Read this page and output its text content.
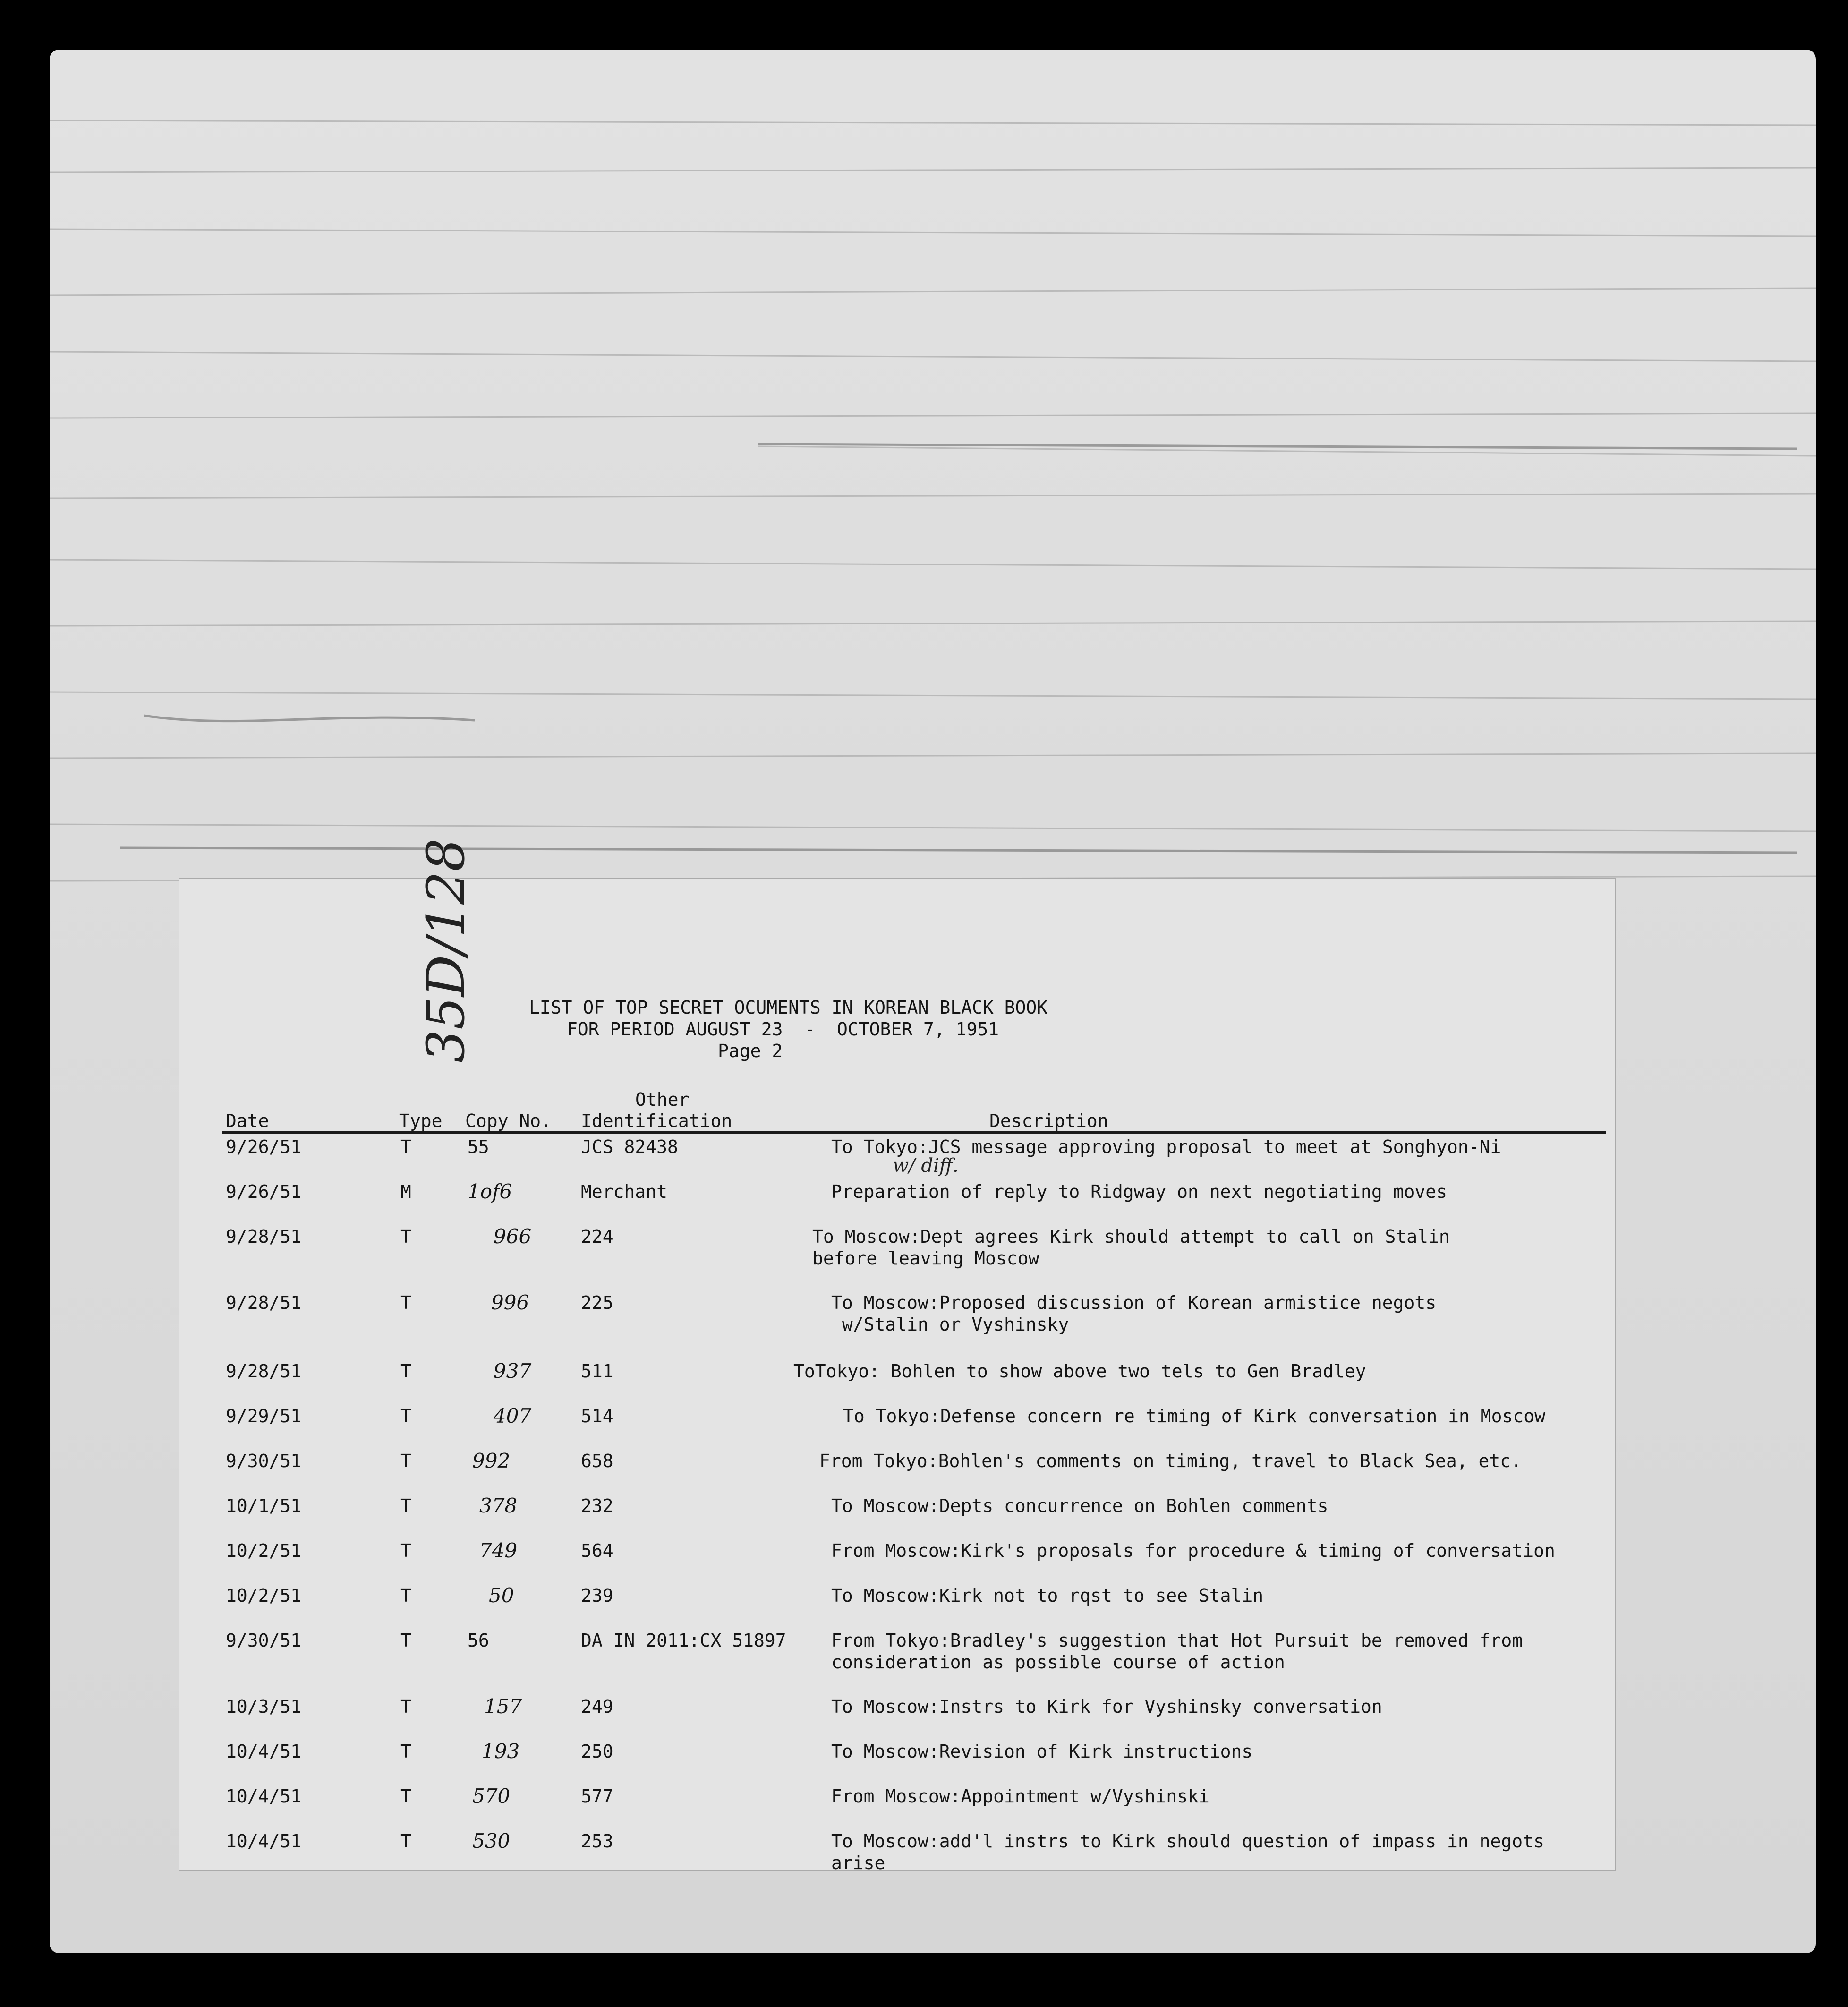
35D/128	LIST OF TOP SECRET OCUMENTS IN KOREAN BLACK BOOK
FOR PERIOD AUGUST 23  -  OCTOBER 7, 1951
Page 2
Date	Type Copy No.
Other
Identification	Description
w/ diff.
9/26/51	T	55	JCS 82438	To Tokyo:JCS message approving proposal to meet at Songhyon-Ni
9/26/51	M	1of6	Merchant	Preparation of reply to Ridgway on next negotiating moves
9/28/51	T	966	224	To Moscow:Dept agrees Kirk should attempt to call on Stalin
before leaving Moscow
9/28/51	T	996	225	To Moscow:Proposed discussion of Korean armistice negots
w/Stalin or Vyshinsky
9/28/51	T	937	511	ToTokyo: Bohlen to show above two tels to Gen Bradley
9/29/51	T	407	514	To Tokyo:Defense concern re timing of Kirk conversation in Moscow
9/30/51	T	992	658	From Tokyo:Bohlen's comments on timing, travel to Black Sea, etc.
10/1/51	T	378	232	To Moscow:Depts concurrence on Bohlen comments
10/2/51	T	749	564	From Moscow:Kirk's proposals for procedure & timing of conversation
10/2/51	T	50	239	To Moscow:Kirk not to rqst to see Stalin
9/30/51	T	56	DA IN 2011:CX 51897	From Tokyo:Bradley's suggestion that Hot Pursuit be removed from
consideration as possible course of action
10/3/51	T	157	249	To Moscow:Instrs to Kirk for Vyshinsky conversation
10/4/51	T	193	250	To Moscow:Revision of Kirk instructions
10/4/51	T	570	577	From Moscow:Appointment w/Vyshinski
10/4/51	T	530	253	To Moscow:add'l instrs to Kirk should question of impass in negots
arise
